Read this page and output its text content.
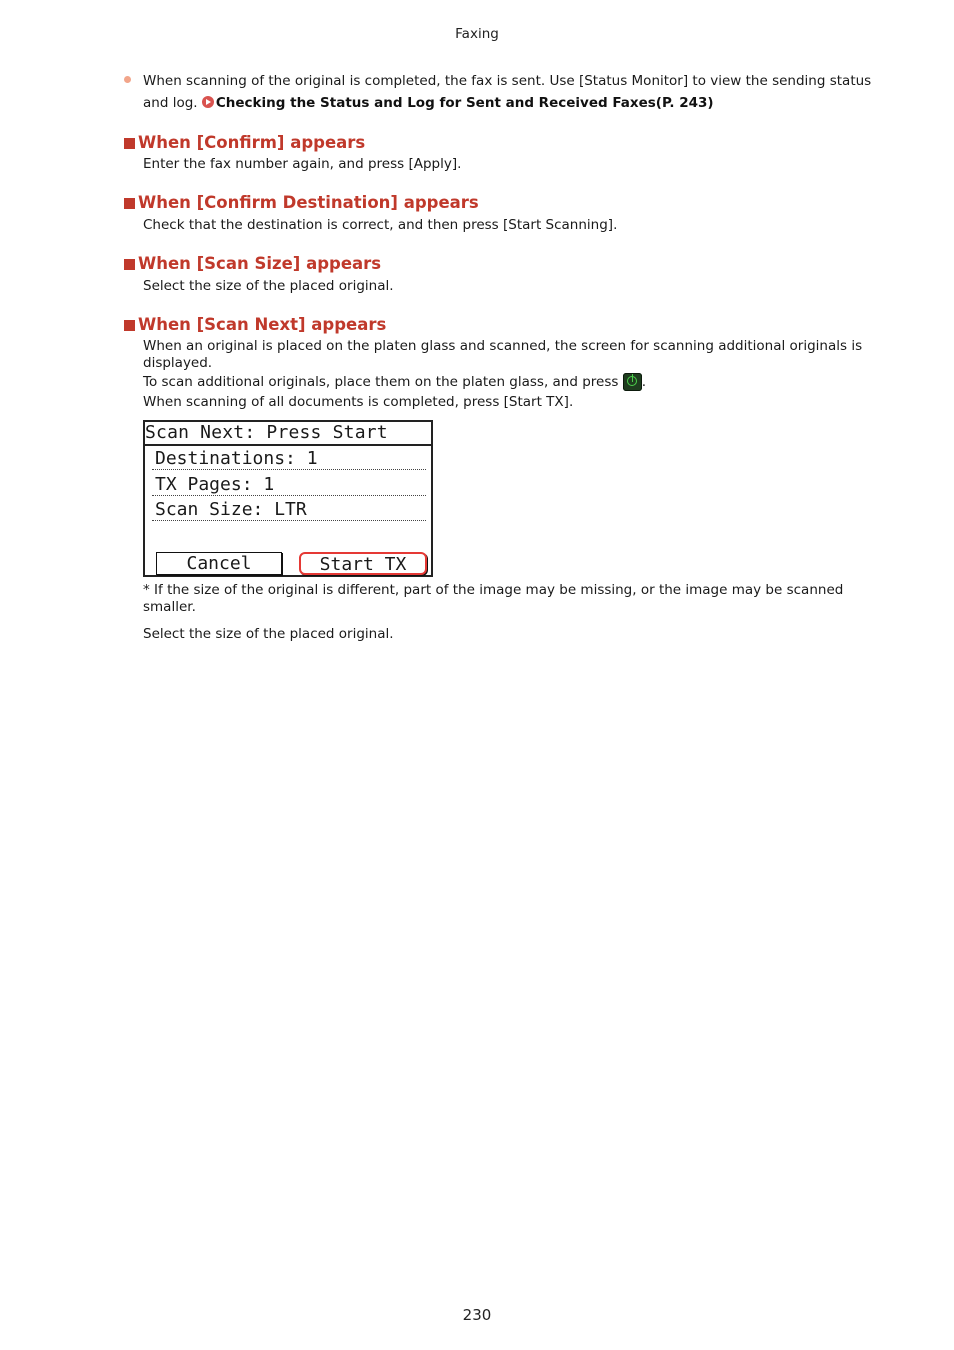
Faxing
When scanning of the original is completed, the fax is sent. Use [Status Monitor] to view the sending status and log. Checking the Status and Log for Sent and Received Faxes(P. 243)
When [Confirm] appears
Enter the fax number again, and press [Apply].
When [Confirm Destination] appears
Check that the destination is correct, and then press [Start Scanning].
When [Scan Size] appears
Select the size of the placed original.
When [Scan Next] appears
When an original is placed on the platen glass and scanned, the screen for scanning additional originals is displayed.
To scan additional originals, place them on the platen glass, and press .
When scanning of all documents is completed, press [Start TX].
Scan Next: Press Start
Destinations: 1
TX Pages: 1
Scan Size: LTR
Cancel	Start TX
* If the size of the original is different, part of the image may be missing, or the image may be scanned smaller.
Select the size of the placed original.
230
